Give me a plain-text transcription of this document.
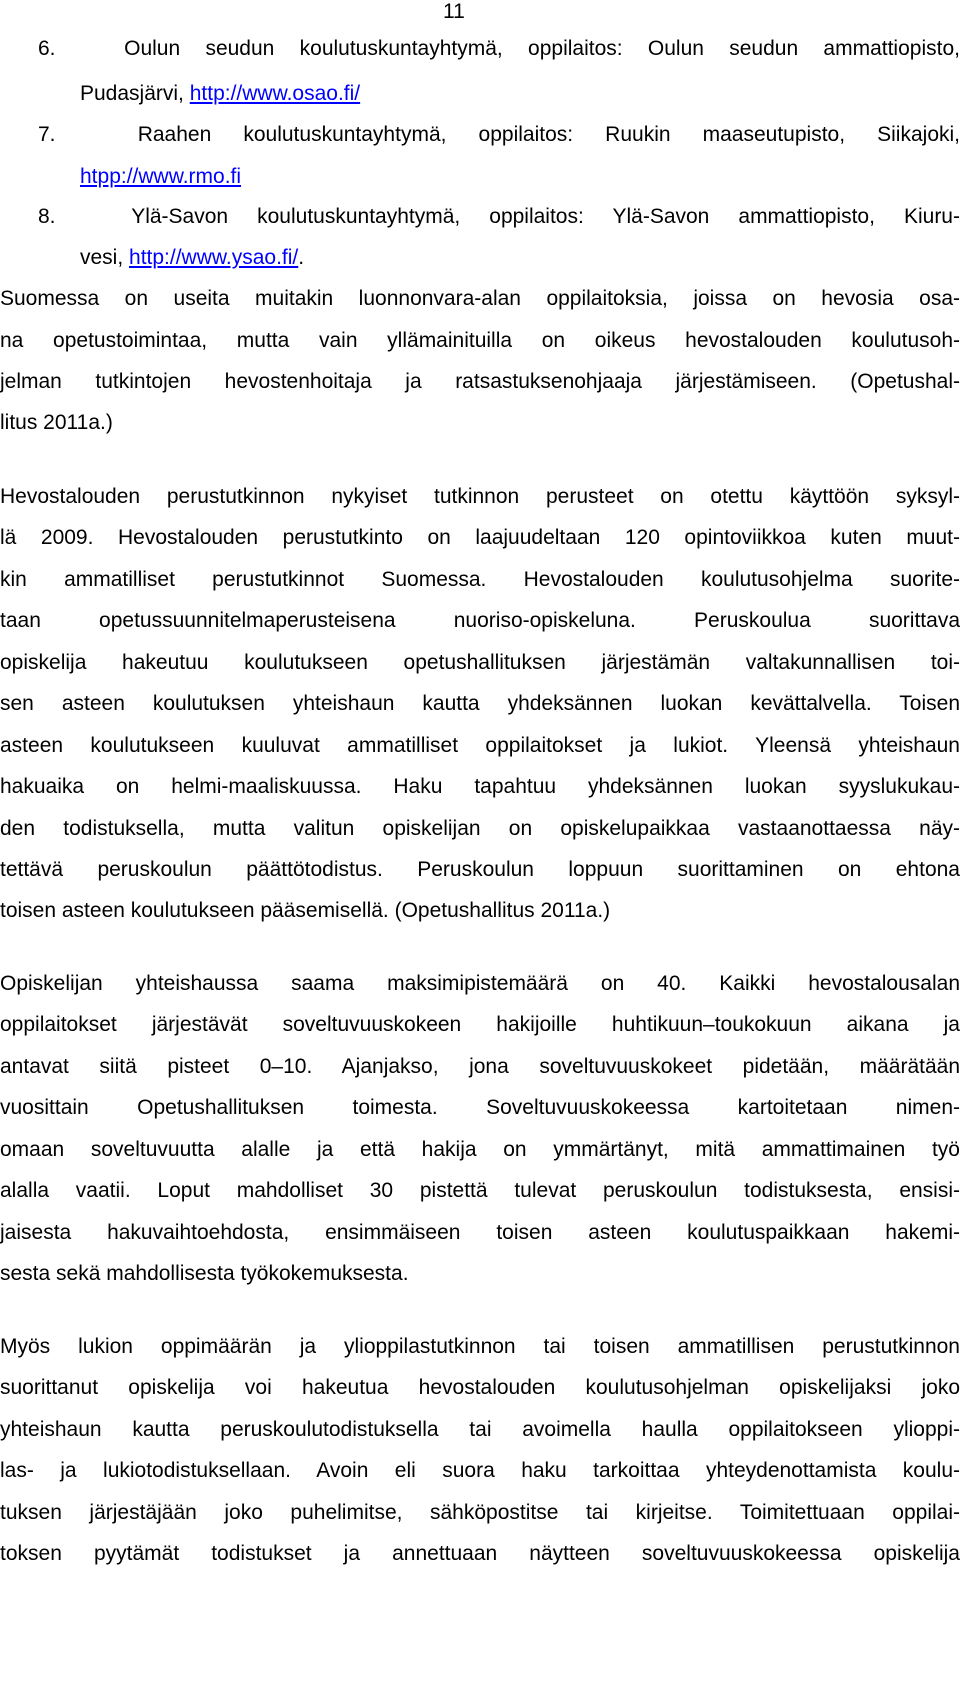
11
6.	Oulun seudun koulutuskuntayhtymä, oppilaitos: Oulun seudun ammattiopisto,
Pudasjärvi, http://www.osao.fi/
7.	Raahen koulutuskuntayhtymä, oppilaitos: Ruukin maaseutupisto, Siikajoki,
htpp://www.rmo.fi
8.	Ylä-Savon koulutuskuntayhtymä, oppilaitos: Ylä-Savon ammattiopisto, Kiuru-
vesi, http://www.ysao.fi/.
Suomessa on useita muitakin luonnonvara-alan oppilaitoksia, joissa on hevosia osa-
na opetustoimintaa, mutta vain yllämainituilla on oikeus hevostalouden koulutusoh-
jelman tutkintojen hevostenhoitaja ja ratsastuksenohjaaja järjestämiseen. (Opetushal-
litus 2011a.)
Hevostalouden perustutkinnon nykyiset tutkinnon perusteet on otettu käyttöön syksyl-
lä 2009. Hevostalouden perustutkinto on laajuudeltaan 120 opintoviikkoa kuten muut-
kin ammatilliset perustutkinnot Suomessa. Hevostalouden koulutusohjelma suorite-
taan opetussuunnitelmaperusteisena nuoriso-opiskeluna. Peruskoulua suorittava
opiskelija hakeutuu koulutukseen opetushallituksen järjestämän valtakunnallisen toi-
sen asteen koulutuksen yhteishaun kautta yhdeksännen luokan kevättalvella. Toisen
asteen koulutukseen kuuluvat ammatilliset oppilaitokset ja lukiot. Yleensä yhteishaun
hakuaika on helmi-maaliskuussa. Haku tapahtuu yhdeksännen luokan syyslukukau-
den todistuksella, mutta valitun opiskelijan on opiskelupaikkaa vastaanottaessa näy-
tettävä peruskoulun päättötodistus. Peruskoulun loppuun suorittaminen on ehtona
toisen asteen koulutukseen pääsemisellä. (Opetushallitus 2011a.)
Opiskelijan yhteishaussa saama maksimipistemäärä on 40. Kaikki hevostalousalan
oppilaitokset järjestävät soveltuvuuskokeen hakijoille huhtikuun–toukokuun aikana ja
antavat siitä pisteet 0–10. Ajanjakso, jona soveltuvuuskokeet pidetään, määrätään
vuosittain Opetushallituksen toimesta. Soveltuvuuskokeessa kartoitetaan nimen-
omaan soveltuvuutta alalle ja että hakija on ymmärtänyt, mitä ammattimainen työ
alalla vaatii. Loput mahdolliset 30 pistettä tulevat peruskoulun todistuksesta, ensisi-
jaisesta hakuvaihtoehdosta, ensimmäiseen toisen asteen koulutuspaikkaan hakemi-
sesta sekä mahdollisesta työkokemuksesta.
Myös lukion oppimäärän ja ylioppilastutkinnon tai toisen ammatillisen perustutkinnon
suorittanut opiskelija voi hakeutua hevostalouden koulutusohjelman opiskelijaksi joko
yhteishaun kautta peruskoulutodistuksella tai avoimella haulla oppilaitokseen ylioppi-
las- ja lukiotodistuksellaan. Avoin eli suora haku tarkoittaa yhteydenottamista koulu-
tuksen järjestäjään joko puhelimitse, sähköpostitse tai kirjeitse. Toimitettuaan oppilai-
toksen pyytämät todistukset ja annettuaan näytteen soveltuvuuskokeessa opiskelija
